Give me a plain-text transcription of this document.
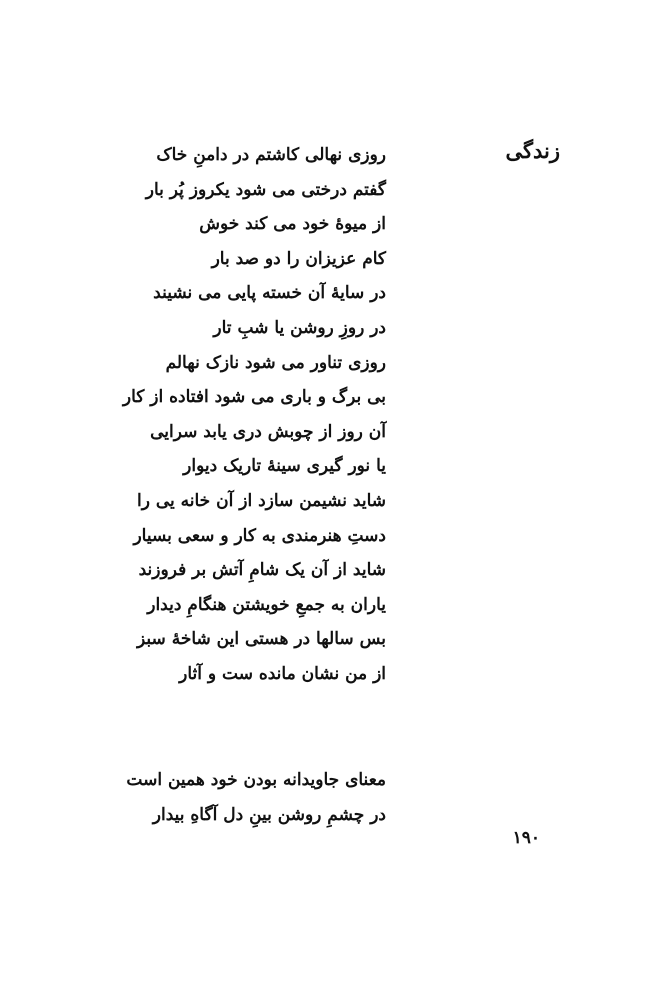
زندگی
روزی نهالی کاشتم در دامنِ خاک
گفتم درختی می شود یکروز پُر بار
از میوهٔ خود می کند خوش
کام عزیزان را دو صد بار
در سایهٔ آن خسته پایی می نشیند
در روزِ روشن یا شبِ تار
روزی تناور می شود نازک نهالم
بی برگ و باری می شود افتاده از کار
آن روز از چوبش دری یابد سرایی
یا نور گیری سینهٔ تاریک دیوار
شاید نشیمن سازد از آن خانه یی را
دستِ هنرمندی به کار و سعی بسیار
شاید از آن یک شامِ آتش بر فروزند
یاران به جمعِ خویشتن هنگامِ دیدار
بس سالها در هستی این شاخهٔ سبز
از من نشان مانده ست و آثار
معنای جاویدانه بودن خود همین است
در چشمِ روشن بینِ دل آگاهِ بیدار
۱۹۰
